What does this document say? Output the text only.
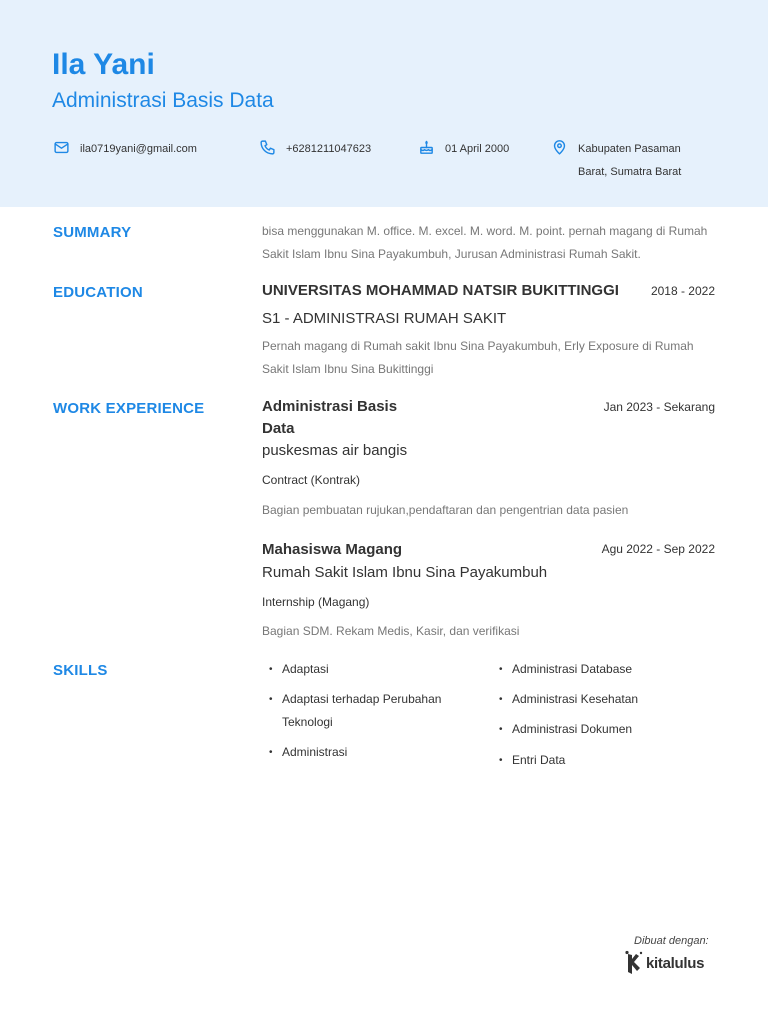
Ila Yani
Administrasi Basis Data
ila0719yani@gmail.com	+6281211047623	01 April 2000	Kabupaten Pasaman Barat, Sumatra Barat
SUMMARY	bisa menggunakan M. office. M. excel. M. word. M. point. pernah magang di Rumah Sakit Islam Ibnu Sina Payakumbuh, Jurusan Administrasi Rumah Sakit.
EDUCATION	UNIVERSITAS MOHAMMAD NATSIR BUKITTINGGI	2018 - 2022
S1 - ADMINISTRASI RUMAH SAKIT
Pernah magang di Rumah sakit Ibnu Sina Payakumbuh, Erly Exposure di Rumah Sakit Islam Ibnu Sina Bukittinggi
WORK EXPERIENCE	Administrasi Basis Data
Jan 2023 - Sekarang
puskesmas air bangis
Contract (Kontrak)
Bagian pembuatan rujukan,pendaftaran dan pengentrian data pasien
Mahasiswa Magang	Agu 2022 - Sep 2022
Rumah Sakit Islam Ibnu Sina Payakumbuh
Internship (Magang)
Bagian SDM. Rekam Medis, Kasir, dan verifikasi
SKILLS	• Adaptasi
• Adaptasi terhadap Perubahan Teknologi
• Administrasi
• Administrasi Database
• Administrasi Kesehatan
• Administrasi Dokumen
• Entri Data
Dibuat dengan:
kitalulus
